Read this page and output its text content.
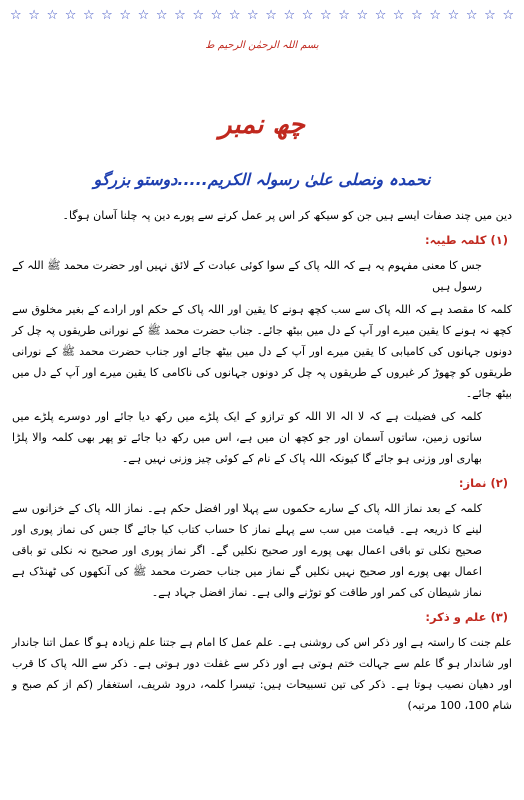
☆ ☆ ☆ ☆ ☆ ☆ ☆ ☆ ☆ ☆ ☆ ☆ ☆ ☆ ☆ ☆ ☆ ☆ ☆ ☆ ☆ ☆ ☆ ☆ ☆ ☆ ☆ ☆
بسم اللہ الرحمٰن الرحیم ط
چھ نمبر
نحمدہ ونصلی علیٰ رسولہ الکریم.....دوستو بزرگو

دین میں چند صفات ایسے ہیں جن کو سیکھ کر اس پر عمل کرنے سے پورے دین پہ چلنا آسان ہوگا۔

(۱) کلمہ طیبہ:

جس کا معنی مفہوم یہ ہے کہ اللہ پاک کے سوا کوئی عبادت کے لائق نہیں اور حضرت محمد ﷺ اللہ کے رسول ہیں

کلمہ کا مقصد ہے کہ اللہ پاک سے سب کچھ ہونے کا یقین اور اللہ پاک کے حکم اور ارادے کے بغیر مخلوق سے کچھ نہ ہونے کا یقین میرے اور آپ کے دل میں بیٹھ جائے۔ جناب حضرت محمد ﷺ کے نورانی طریقوں پہ چل کر دونوں جہانوں کی کامیابی کا یقین میرے اور آپ کے دل میں بیٹھ جائے اور جناب حضرت محمد ﷺ کے نورانی طریقوں کو چھوڑ کر غیروں کے طریقوں پہ چل کر دونوں جہانوں کی ناکامی کا یقین میرے اور آپ کے دل میں بیٹھ جائے۔

کلمہ کی فضیلت ہے کہ لا الہ الا اللہ کو ترازو کے ایک پلڑے میں رکھ دیا جائے اور دوسرے پلڑے میں ساتوں زمین، ساتوں آسمان اور جو کچھ ان میں ہے، اس میں رکھ دیا جائے تو پھر بھی کلمہ والا پلڑا بھاری اور وزنی ہو جائے گا کیونکہ اللہ پاک کے نام کے کوئی چیز وزنی نہیں ہے۔

(۲) نماز:

کلمہ کے بعد نماز اللہ پاک کے سارے حکموں سے پہلا اور افضل حکم ہے۔ نماز اللہ پاک کے خزانوں سے لینے کا ذریعہ ہے۔ قیامت میں سب سے پہلے نماز کا حساب کتاب کیا جائے گا جس کی نماز پوری اور صحیح نکلی تو باقی اعمال بھی پورے اور صحیح نکلیں گے۔ اگر نماز پوری اور صحیح نہ نکلی تو باقی اعمال بھی پورے اور صحیح نہیں نکلیں گے نماز میں جناب حضرت محمد ﷺ کی آنکھوں کی ٹھنڈک ہے نماز شیطان کی کمر اور طاقت کو توڑنے والی ہے۔ نماز افضل جہاد ہے۔

(۳) علم و ذکر:

علم جنت کا راستہ ہے اور ذکر اس کی روشنی ہے۔ علم عمل کا امام ہے جتنا علم زیادہ ہو گا عمل اتنا جاندار اور شاندار ہو گا علم سے جہالت ختم ہوتی ہے اور ذکر سے غفلت دور ہوتی ہے۔ ذکر سے اللہ پاک کا قرب اور دھیان نصیب ہوتا ہے۔ ذکر کی تین تسبیحات ہیں: تیسرا کلمہ، درود شریف، استغفار (کم از کم صبح و شام 100، 100 مرتبہ)
